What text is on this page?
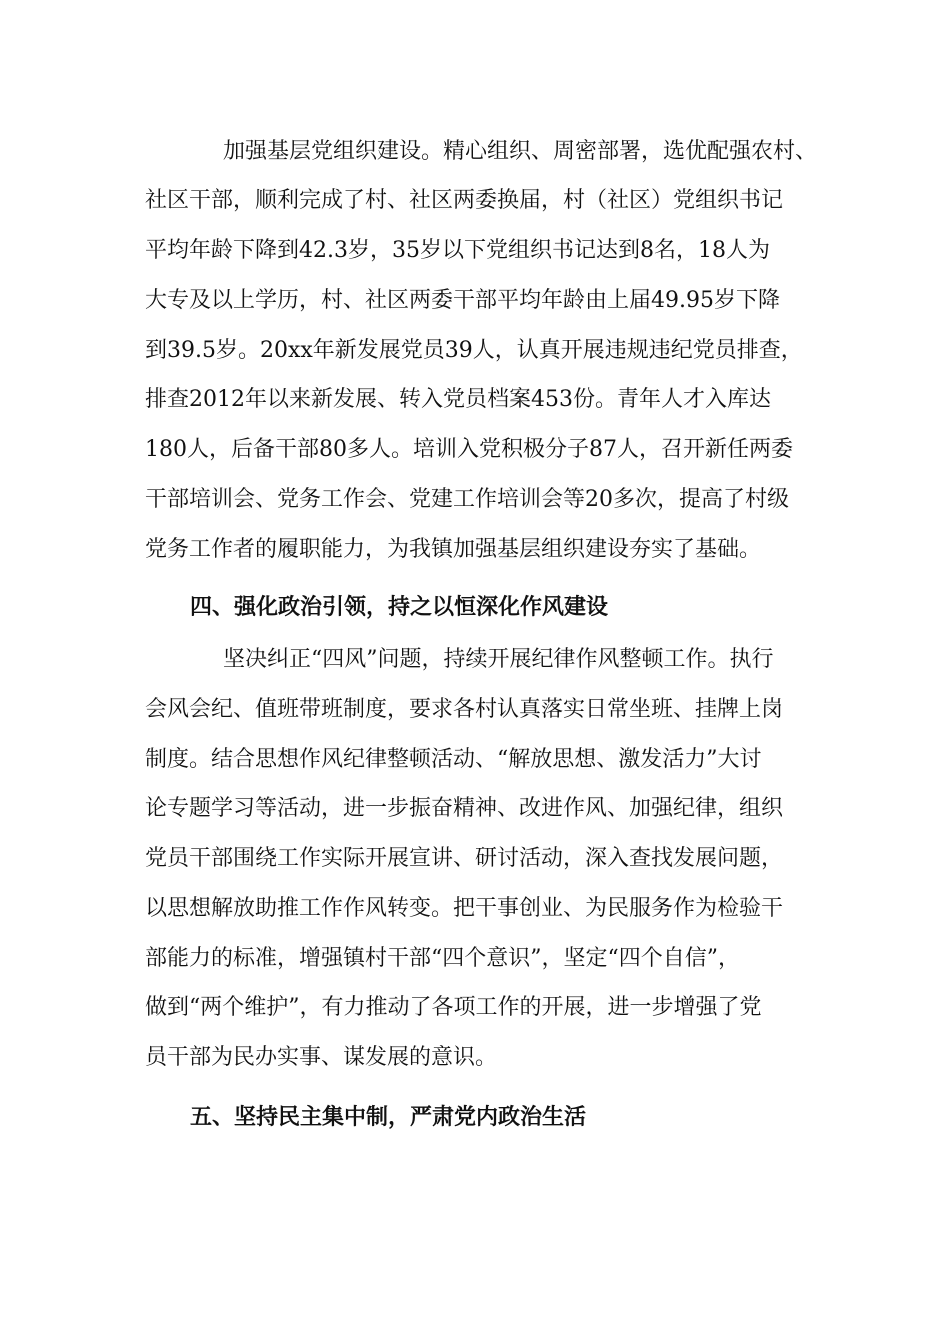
加强基层党组织建设。精心组织、周密部署，选优配强农村、
社区干部，顺利完成了村、社区两委换届，村（社区）党组织书记
平均年龄下降到42.3岁，35岁以下党组织书记达到8名，18人为
大专及以上学历，村、社区两委干部平均年龄由上届49.95岁下降
到39.5岁。20xx年新发展党员39人，认真开展违规违纪党员排查，
排查2012年以来新发展、转入党员档案453份。青年人才入库达
180人，后备干部80多人。培训入党积极分子87人，召开新任两委
干部培训会、党务工作会、党建工作培训会等20多次，提高了村级
党务工作者的履职能力，为我镇加强基层组织建设夯实了基础。
四、强化政治引领，持之以恒深化作风建设
坚决纠正“四风”问题，持续开展纪律作风整顿工作。执行
会风会纪、值班带班制度，要求各村认真落实日常坐班、挂牌上岗
制度。结合思想作风纪律整顿活动、“解放思想、激发活力”大讨
论专题学习等活动，进一步振奋精神、改进作风、加强纪律，组织
党员干部围绕工作实际开展宣讲、研讨活动，深入查找发展问题，
以思想解放助推工作作风转变。把干事创业、为民服务作为检验干
部能力的标准，增强镇村干部“四个意识”，坚定“四个自信”，
做到“两个维护”，有力推动了各项工作的开展，进一步增强了党
员干部为民办实事、谋发展的意识。
五、坚持民主集中制，严肃党内政治生活
